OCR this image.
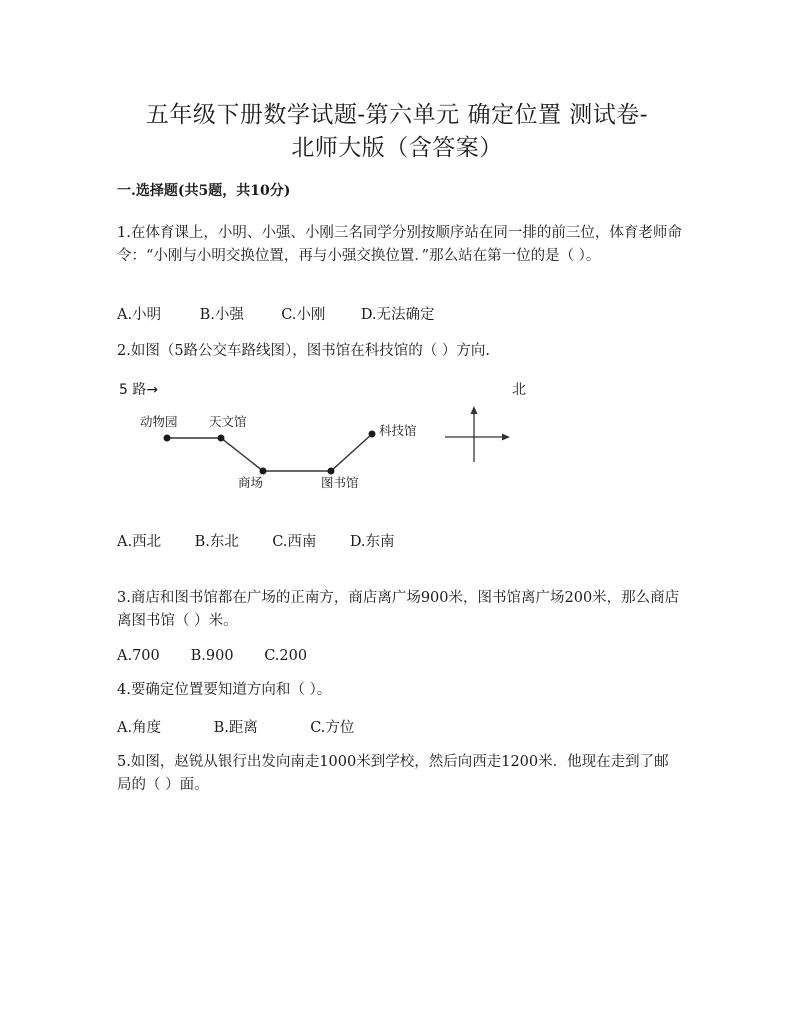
五年级下册数学试题-第六单元 确定位置 测试卷-
北师大版（含答案）
一.选择题(共5题，共10分)
1.在体育课上，小明、小强、小刚三名同学分别按顺序站在同一排的前三位，体育老师命令：“小刚与小明交换位置，再与小强交换位置．”那么站在第一位的是（ ）。
A.小明	B.小强	C.小刚 D.无法确定
2.如图（5路公交车路线图），图书馆在科技馆的（ ）方向.
5 路→	北
动物园	天文馆
商场	图书馆
科技馆
A.西北 B.东北 C.西南 D.东南
3.商店和图书馆都在广场的正南方，商店离广场900米，图书馆离广场200米，那么商店离图书馆（ ）米。
A.700 B.900 C.200
4.要确定位置要知道方向和（ ）。
A.角度	B.距离	C.方位
5.如图，赵锐从银行出发向南走1000米到学校，然后向西走1200米．他现在走到了邮局的（ ）面。
